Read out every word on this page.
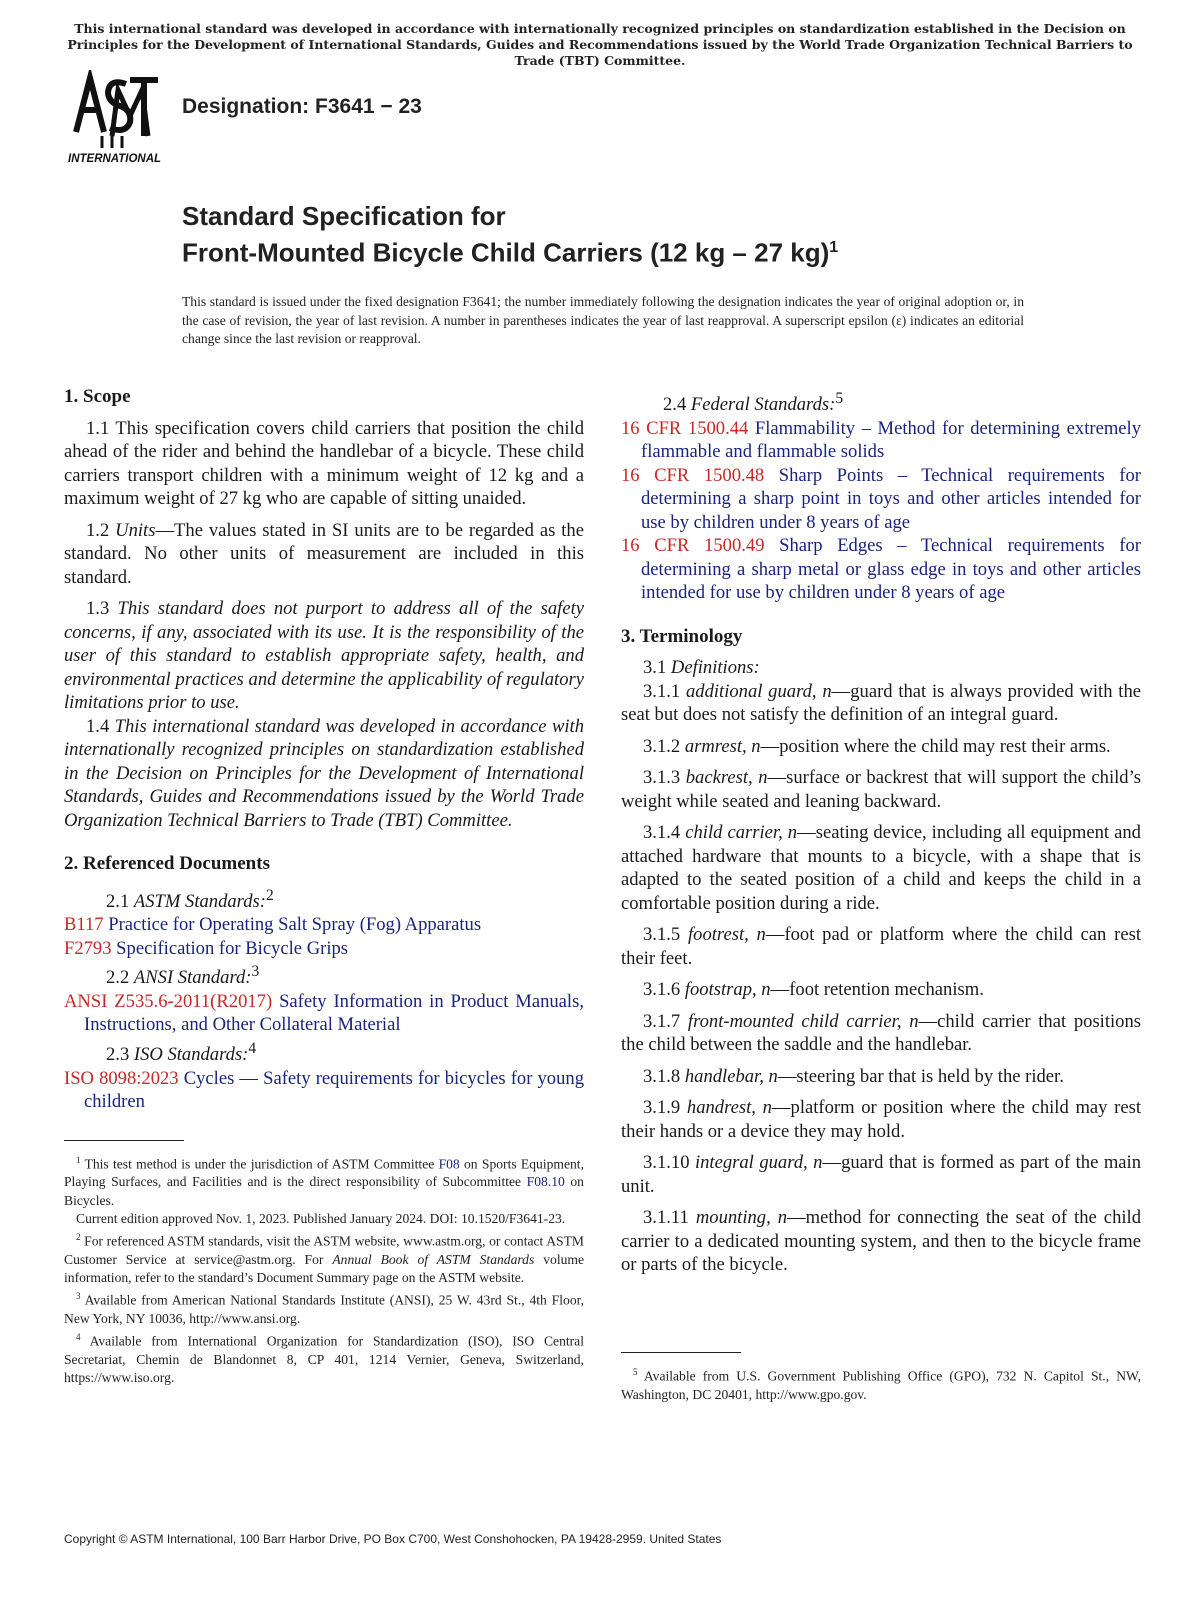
This international standard was developed in accordance with internationally recognized principles on standardization established in the Decision on Principles for the Development of International Standards, Guides and Recommendations issued by the World Trade Organization Technical Barriers to Trade (TBT) Committee.
INTERNATIONAL
Designation: F3641 − 23
Standard Specification for
Front-Mounted Bicycle Child Carriers (12 kg – 27 kg)$^1$
This standard is issued under the fixed designation F3641; the number immediately following the designation indicates the year of original adoption or, in the case of revision, the year of last revision. A number in parentheses indicates the year of last reapproval. A superscript epsilon (ε) indicates an editorial change since the last revision or reapproval.
1. Scope

1.1 This specification covers child carriers that position the child ahead of the rider and behind the handlebar of a bicycle. These child carriers transport children with a minimum weight of 12 kg and a maximum weight of 27 kg who are capable of sitting unaided.

1.2 Units—The values stated in SI units are to be regarded as the standard. No other units of measurement are included in this standard.

1.3 This standard does not purport to address all of the safety concerns, if any, associated with its use. It is the responsibility of the user of this standard to establish appropriate safety, health, and environmental practices and determine the applicability of regulatory limitations prior to use.

1.4 This international standard was developed in accordance with internationally recognized principles on standardization established in the Decision on Principles for the Development of International Standards, Guides and Recommendations issued by the World Trade Organization Technical Barriers to Trade (TBT) Committee.

2. Referenced Documents

2.1 ASTM Standards:$^2$

B117 Practice for Operating Salt Spray (Fog) Apparatus
F2793 Specification for Bicycle Grips

2.2 ANSI Standard:$^3$

ANSI Z535.6-2011(R2017) Safety Information in Product Manuals, Instructions, and Other Collateral Material

2.3 ISO Standards:$^4$

ISO 8098:2023 Cycles — Safety requirements for bicycles for young children

$^1$ This test method is under the jurisdiction of ASTM Committee F08 on Sports Equipment, Playing Surfaces, and Facilities and is the direct responsibility of Subcommittee F08.10 on Bicycles.

Current edition approved Nov. 1, 2023. Published January 2024. DOI: 10.1520/F3641-23.

$^2$ For referenced ASTM standards, visit the ASTM website, www.astm.org, or contact ASTM Customer Service at service@astm.org. For Annual Book of ASTM Standards volume information, refer to the standard’s Document Summary page on the ASTM website.

$^3$ Available from American National Standards Institute (ANSI), 25 W. 43rd St., 4th Floor, New York, NY 10036, http://www.ansi.org.

$^4$ Available from International Organization for Standardization (ISO), ISO Central Secretariat, Chemin de Blandonnet 8, CP 401, 1214 Vernier, Geneva, Switzerland, https://www.iso.org.

2.4 Federal Standards:$^5$

16 CFR 1500.44 Flammability – Method for determining extremely flammable and flammable solids
16 CFR 1500.48 Sharp Points – Technical requirements for determining a sharp point in toys and other articles intended for use by children under 8 years of age
16 CFR 1500.49 Sharp Edges – Technical requirements for determining a sharp metal or glass edge in toys and other articles intended for use by children under 8 years of age
3. Terminology

3.1 Definitions:

3.1.1 additional guard, n—guard that is always provided with the seat but does not satisfy the definition of an integral guard.

3.1.2 armrest, n—position where the child may rest their arms.

3.1.3 backrest, n—surface or backrest that will support the child’s weight while seated and leaning backward.

3.1.4 child carrier, n—seating device, including all equipment and attached hardware that mounts to a bicycle, with a shape that is adapted to the seated position of a child and keeps the child in a comfortable position during a ride.

3.1.5 footrest, n—foot pad or platform where the child can rest their feet.

3.1.6 footstrap, n—foot retention mechanism.

3.1.7 front-mounted child carrier, n—child carrier that positions the child between the saddle and the handlebar.

3.1.8 handlebar, n—steering bar that is held by the rider.

3.1.9 handrest, n—platform or position where the child may rest their hands or a device they may hold.

3.1.10 integral guard, n—guard that is formed as part of the main unit.

3.1.11 mounting, n—method for connecting the seat of the child carrier to a dedicated mounting system, and then to the bicycle frame or parts of the bicycle.

$^5$ Available from U.S. Government Publishing Office (GPO), 732 N. Capitol St., NW, Washington, DC 20401, http://www.gpo.gov.

Copyright © ASTM International, 100 Barr Harbor Drive, PO Box C700, West Conshohocken, PA 19428-2959. United States
